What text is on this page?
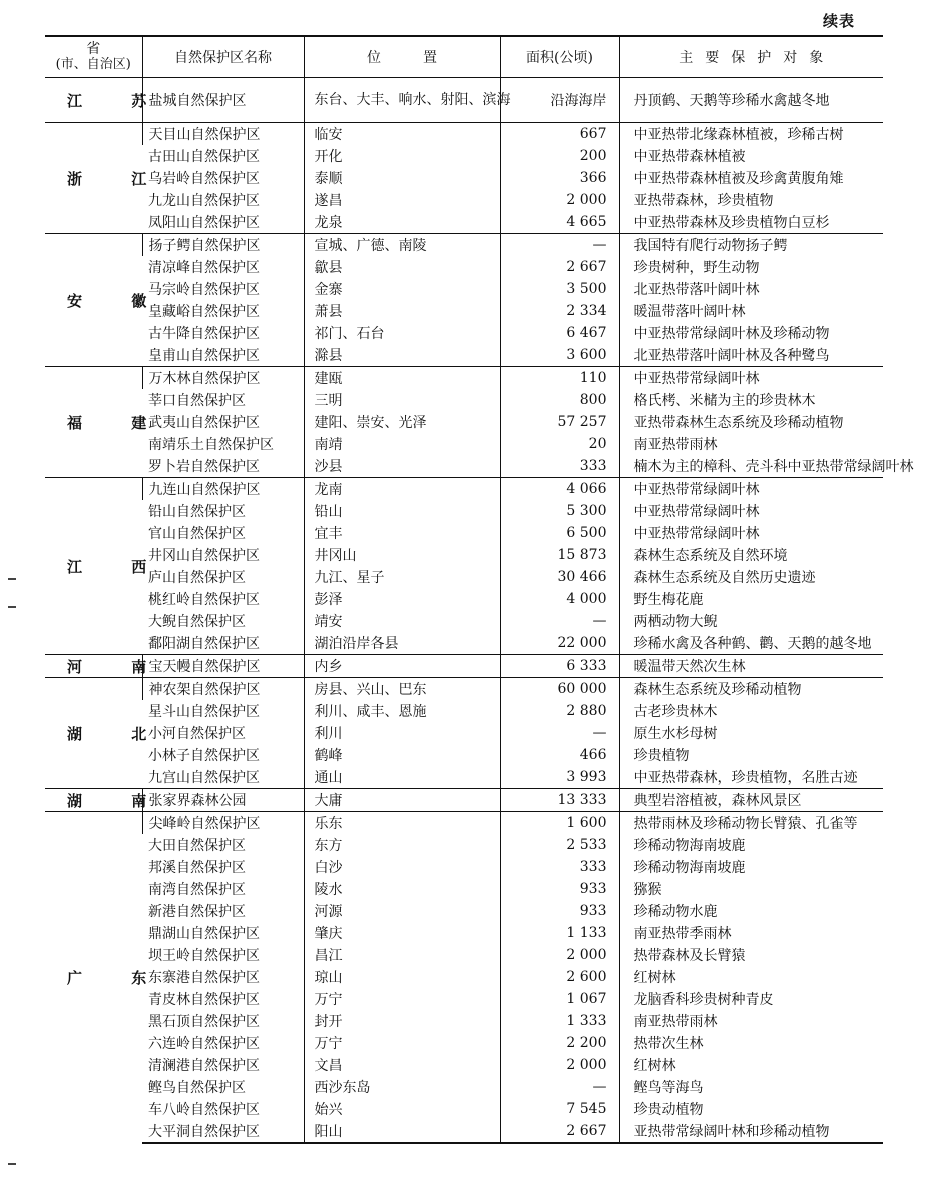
续表
省
(市、自治区)	自然保护区名称	位置	面积(公顷)	主要保护对象
江 苏	盐城自然保护区	东台、大丰、响水、射阳、滨海	沿海海岸	丹顶鹤、天鹅等珍稀水禽越冬地
浙 江	天目山自然保护区	临安	667	中亚热带北缘森林植被，珍稀古树
	古田山自然保护区	开化	200	中亚热带森林植被
	乌岩岭自然保护区	泰顺	366	中亚热带森林植被及珍禽黄腹角雉
	九龙山自然保护区	遂昌	2 000	亚热带森林，珍贵植物
	凤阳山自然保护区	龙泉	4 665	中亚热带森林及珍贵植物白豆杉
安 徽	扬子鳄自然保护区	宣城、广德、南陵	—	我国特有爬行动物扬子鳄
	清凉峰自然保护区	歙县	2 667	珍贵树种，野生动物
	马宗岭自然保护区	金寨	3 500	北亚热带落叶阔叶林
	皇藏峪自然保护区	萧县	2 334	暖温带落叶阔叶林
	古牛降自然保护区	祁门、石台	6 467	中亚热带常绿阔叶林及珍稀动物
	皇甫山自然保护区	滁县	3 600	北亚热带落叶阔叶林及各种鹭鸟
福 建	万木林自然保护区	建瓯	110	中亚热带常绿阔叶林
	莘口自然保护区	三明	800	格氏栲、米槠为主的珍贵林木
	武夷山自然保护区	建阳、崇安、光泽	57 257	亚热带森林生态系统及珍稀动植物
	南靖乐土自然保护区	南靖	20	南亚热带雨林
	罗卜岩自然保护区	沙县	333	楠木为主的樟科、壳斗科中亚热带常绿阔叶林
江 西	九连山自然保护区	龙南	4 066	中亚热带常绿阔叶林
	铅山自然保护区	铅山	5 300	中亚热带常绿阔叶林
	官山自然保护区	宜丰	6 500	中亚热带常绿阔叶林
	井冈山自然保护区	井冈山	15 873	森林生态系统及自然环境
	庐山自然保护区	九江、星子	30 466	森林生态系统及自然历史遗迹
	桃红岭自然保护区	彭泽	4 000	野生梅花鹿
	大鲵自然保护区	靖安	—	两栖动物大鲵
	鄱阳湖自然保护区	湖泊沿岸各县	22 000	珍稀水禽及各种鹤、鹳、天鹅的越冬地
河 南	宝天幔自然保护区	内乡	6 333	暖温带天然次生林
湖 北	神农架自然保护区	房县、兴山、巴东	60 000	森林生态系统及珍稀动植物
	星斗山自然保护区	利川、咸丰、恩施	2 880	古老珍贵林木
	小河自然保护区	利川	—	原生水杉母树
	小林子自然保护区	鹤峰	466	珍贵植物
	九宫山自然保护区	通山	3 993	中亚热带森林，珍贵植物，名胜古迹
湖 南	张家界森林公园	大庸	13 333	典型岩溶植被，森林风景区
广 东	尖峰岭自然保护区	乐东	1 600	热带雨林及珍稀动物长臂猿、孔雀等
	大田自然保护区	东方	2 533	珍稀动物海南坡鹿
	邦溪自然保护区	白沙	333	珍稀动物海南坡鹿
	南湾自然保护区	陵水	933	猕猴
	新港自然保护区	河源	933	珍稀动物水鹿
	鼎湖山自然保护区	肇庆	1 133	南亚热带季雨林
	坝王岭自然保护区	昌江	2 000	热带森林及长臂猿
	东寨港自然保护区	琼山	2 600	红树林
	青皮林自然保护区	万宁	1 067	龙脑香科珍贵树种青皮
	黑石顶自然保护区	封开	1 333	南亚热带雨林
	六连岭自然保护区	万宁	2 200	热带次生林
	清澜港自然保护区	文昌	2 000	红树林
	鲣鸟自然保护区	西沙东岛	—	鲣鸟等海鸟
	车八岭自然保护区	始兴	7 545	珍贵动植物
	大平洞自然保护区	阳山	2 667	亚热带常绿阔叶林和珍稀动植物
